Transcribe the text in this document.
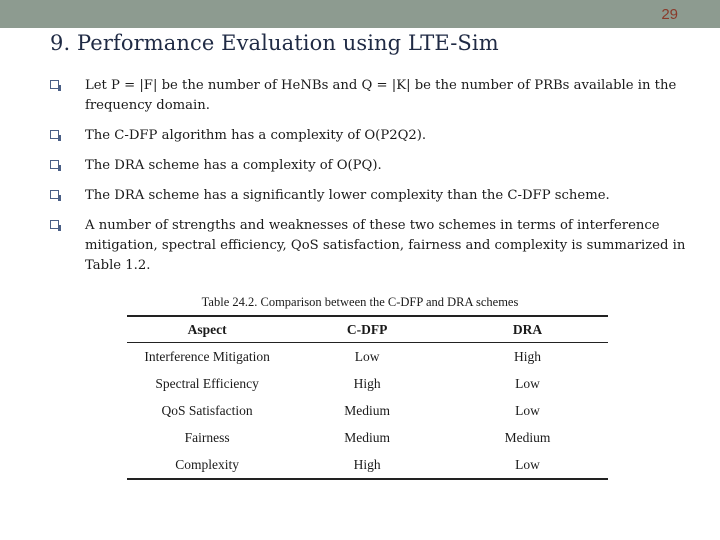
29
9. Performance Evaluation using LTE-Sim
Let P = |F| be the number of HeNBs and Q = |K| be the number of PRBs available in the frequency domain.
The C-DFP algorithm has a complexity of O(P2Q2).
The DRA scheme has a complexity of O(PQ).
The DRA scheme has a significantly lower complexity than the C-DFP scheme.
A number of strengths and weaknesses of these two schemes in terms of interference mitigation, spectral efficiency, QoS satisfaction, fairness and complexity is summarized in Table 1.2.
Table 24.2. Comparison between the C-DFP and DRA schemes
Aspect	C-DFP	DRA
Interference Mitigation	Low	High
Spectral Efficiency	High	Low
QoS Satisfaction	Medium	Low
Fairness	Medium	Medium
Complexity	High	Low
